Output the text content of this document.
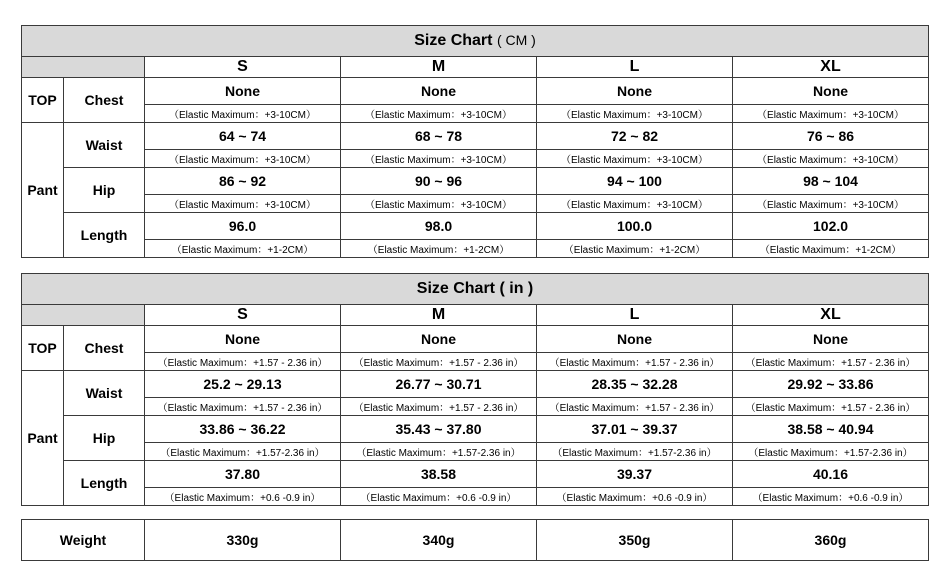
Size Chart ( CM )					
		S	M	L	XL
TOP	Chest	None	None	None	None
		（Elastic Maximum：+3-10CM）	（Elastic Maximum：+3-10CM）	（Elastic Maximum：+3-10CM）	（Elastic Maximum：+3-10CM）
Pant	Waist	64 ~ 74	68 ~ 78	72 ~ 82	76 ~ 86
		（Elastic Maximum：+3-10CM）	（Elastic Maximum：+3-10CM）	（Elastic Maximum：+3-10CM）	（Elastic Maximum：+3-10CM）
	Hip	86 ~ 92	90 ~ 96	94 ~ 100	98 ~ 104
		（Elastic Maximum：+3-10CM）	（Elastic Maximum：+3-10CM）	（Elastic Maximum：+3-10CM）	（Elastic Maximum：+3-10CM）
	Length	96.0	98.0	100.0	102.0
		（Elastic Maximum：+1-2CM）	（Elastic Maximum：+1-2CM）	（Elastic Maximum：+1-2CM）	（Elastic Maximum：+1-2CM）
Size Chart ( in )					
		S	M	L	XL
TOP	Chest	None	None	None	None
		（Elastic Maximum：+1.57 - 2.36 in）	（Elastic Maximum：+1.57 - 2.36 in）	（Elastic Maximum：+1.57 - 2.36 in）	（Elastic Maximum：+1.57 - 2.36 in）
Pant	Waist	25.2 ~ 29.13	26.77 ~ 30.71	28.35 ~ 32.28	29.92 ~ 33.86
		（Elastic Maximum：+1.57 - 2.36 in）	（Elastic Maximum：+1.57 - 2.36 in）	（Elastic Maximum：+1.57 - 2.36 in）	（Elastic Maximum：+1.57 - 2.36 in）
	Hip	33.86 ~ 36.22	35.43 ~ 37.80	37.01 ~ 39.37	38.58 ~ 40.94
		（Elastic Maximum：+1.57-2.36 in）	（Elastic Maximum：+1.57-2.36 in）	（Elastic Maximum：+1.57-2.36 in）	（Elastic Maximum：+1.57-2.36 in）
	Length	37.80	38.58	39.37	40.16
		（Elastic Maximum：+0.6 -0.9 in）	（Elastic Maximum：+0.6 -0.9 in）	（Elastic Maximum：+0.6 -0.9 in）	（Elastic Maximum：+0.6 -0.9 in）
Weight	330g	340g	350g	360g
